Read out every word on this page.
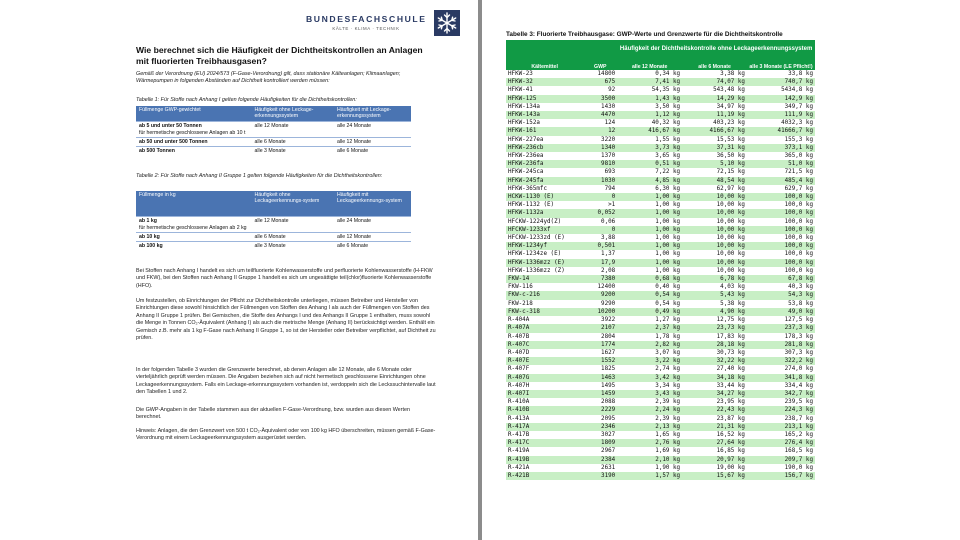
BUNDESFACHSCHULE
KÄLTE · KLIMA · TECHNIK
Wie berechnet sich die Häufigkeit der Dichtheitskontrollen an Anlagen mit fluorierten Treibhausgasen?
Gemäß der Verordnung (EU) 2024/573 (F-Gase-Verordnung) gilt, dass stationäre Kälteanlagen; Klimaanlagen; Wärmepumpen in folgenden Abständen auf Dichtheit kontrolliert werden müssen:
Tabelle 1: Für Stoffe nach Anhang I gelten folgende Häufigkeiten für die Dichtheitskontrollen:
Füllmenge GWP-gewichtet	Häufigkeit ohne Leckage-erkennungssystem	Häufigkeit mit Leckage-erkennungssystem
ab 5 und unter 50 Tonnen	alle 12 Monate	alle 24 Monate
für hermetische geschlossene Anlagen ab 10 t		
ab 50 und unter 500 Tonnen	alle 6 Monate	alle 12 Monate
ab 500 Tonnen	alle 3 Monate	alle 6 Monate
Tabelle 2: Für Stoffe nach Anhang II Gruppe 1 gelten folgende Häufigkeiten für die Dichtheitskontrollen:
Füllmenge in kg	Häufigkeit ohne Leckageerkennungs-system	Häufigkeit mit Leckageerkennungs-system
ab 1 kg	alle 12 Monate	alle 24 Monate
für hermetische geschlossene Anlagen ab 2 kg		
ab 10 kg	alle 6 Monate	alle 12 Monate
ab 100 kg	alle 3 Monate	alle 6 Monate

Bei Stoffen nach Anhang I handelt es sich um teilfluorierte Kohlenwasserstoffe und perfluorierte Kohlenwasserstoffe (H-FKW und FKW), bei den Stoffen nach Anhang II Gruppe 1 handelt es sich um ungesättigte teil(chlor)fluorierte Kohlenwasserstoffe (HFO).

Um festzustellen, ob Einrichtungen der Pflicht zur Dichtheitskontrolle unterliegen, müssen Betreiber und Hersteller von Einrichtungen diese sowohl hinsichtlich der Füllmengen von Stoffen des Anhang I als auch der Füllmengen von Stoffen des Anhang II Gruppe 1 prüfen. Bei Gemischen, die Stoffe des Anhangs I und des Anhangs II Gruppe 1 enthalten, muss sowohl die Menge in Tonnen CO₂-Äquivalent (Anhang I) als auch die metrische Menge (Anhang II) berücksichtigt werden. Enthält ein Gemisch z.B. mehr als 1 kg F-Gase nach Anhang II Gruppe 1, so ist der Hersteller oder Betreiber verpflichtet, auf Dichtheit zu prüfen.

In der folgenden Tabelle 3 wurden die Grenzwerte berechnet, ab denen Anlagen alle 12 Monate, alle 6 Monate oder vierteljährlich geprüft werden müssen. Die Angaben beziehen sich auf nicht hermetisch geschlossene Einrichtungen ohne Leckageerkennungssystem. Falls ein Leckage-erkennungssystem vorhanden ist, verdoppeln sich die Leckssuchintervalle laut den Tabellen 1 und 2.

Die GWP-Angaben in der Tabelle stammen aus der aktuellen F-Gase-Verordnung, bzw. wurden aus diesen Werten berechnet.

Hinweis: Anlagen, die den Grenzwert von 500 t CO₂-Äquivalent oder von 100 kg HFO überschreiten, müssen gemäß F-Gase-Verordnung mit einem Leckageerkennungssystem ausgerüstet werden.

Tabelle 3: Fluorierte Treibhausgase: GWP-Werte und Grenzwerte für die Dichtheitskontrolle
		Häufigkeit der Dichtheitskontrolle ohne Leckageerkennungssystem		
Kältemittel	GWP	alle 12 Monate	alle 6 Monate	alle 3 Monate (LE Pflicht!)
HFKW-23	14800	0,34 kg	3,38 kg	33,8 kg
HFKW-32	675	7,41 kg	74,07 kg	740,7 kg
HFKW-41	92	54,35 kg	543,48 kg	5434,8 kg
HFKW-125	3500	1,43 kg	14,29 kg	142,9 kg
HFKW-134a	1430	3,50 kg	34,97 kg	349,7 kg
HFKW-143a	4470	1,12 kg	11,19 kg	111,9 kg
HFKW-152a	124	40,32 kg	403,23 kg	4032,3 kg
HFKW-161	12	416,67 kg	4166,67 kg	41666,7 kg
HFKW-227ea	3220	1,55 kg	15,53 kg	155,3 kg
HFKW-236cb	1340	3,73 kg	37,31 kg	373,1 kg
HFKW-236ea	1370	3,65 kg	36,50 kg	365,0 kg
HFKW-236fa	9810	0,51 kg	5,10 kg	51,0 kg
HFKW-245ca	693	7,22 kg	72,15 kg	721,5 kg
HFKW-245fa	1030	4,85 kg	48,54 kg	485,4 kg
HFKW-365mfc	794	6,30 kg	62,97 kg	629,7 kg
HCKW-1130 (E)	0	1,00 kg	10,00 kg	100,0 kg
HFKW-1132 (E)	>1	1,00 kg	10,00 kg	100,0 kg
HFKW-1132a	0,052	1,00 kg	10,00 kg	100,0 kg
HFCKW-1224yd(Z)	0,06	1,00 kg	10,00 kg	100,0 kg
HFCKW-1233xf	0	1,00 kg	10,00 kg	100,0 kg
HFCKW-1233zd (E)	3,88	1,00 kg	10,00 kg	100,0 kg
HFKW-1234yf	0,501	1,00 kg	10,00 kg	100,0 kg
HFKW-1234ze (E)	1,37	1,00 kg	10,00 kg	100,0 kg
HFKW-1336mzz (E)	17,9	1,00 kg	10,00 kg	100,0 kg
HFKW-1336mzz (Z)	2,08	1,00 kg	10,00 kg	100,0 kg
FKW-14	7380	0,68 kg	6,78 kg	67,8 kg
FKW-116	12400	0,40 kg	4,03 kg	40,3 kg
FKW-c-216	9200	0,54 kg	5,43 kg	54,3 kg
FKW-218	9290	0,54 kg	5,38 kg	53,8 kg
FKW-c-318	10200	0,49 kg	4,90 kg	49,0 kg
R-404A	3922	1,27 kg	12,75 kg	127,5 kg
R-407A	2107	2,37 kg	23,73 kg	237,3 kg
R-407B	2804	1,78 kg	17,83 kg	178,3 kg
R-407C	1774	2,82 kg	28,18 kg	281,8 kg
R-407D	1627	3,07 kg	30,73 kg	307,3 kg
R-407E	1552	3,22 kg	32,22 kg	322,2 kg
R-407F	1825	2,74 kg	27,40 kg	274,0 kg
R-407G	1463	3,42 kg	34,18 kg	341,8 kg
R-407H	1495	3,34 kg	33,44 kg	334,4 kg
R-407I	1459	3,43 kg	34,27 kg	342,7 kg
R-410A	2088	2,39 kg	23,95 kg	239,5 kg
R-410B	2229	2,24 kg	22,43 kg	224,3 kg
R-413A	2095	2,39 kg	23,87 kg	238,7 kg
R-417A	2346	2,13 kg	21,31 kg	213,1 kg
R-417B	3027	1,65 kg	16,52 kg	165,2 kg
R-417C	1809	2,76 kg	27,64 kg	276,4 kg
R-419A	2967	1,69 kg	16,85 kg	168,5 kg
R-419B	2384	2,10 kg	20,97 kg	209,7 kg
R-421A	2631	1,90 kg	19,00 kg	190,0 kg
R-421B	3190	1,57 kg	15,67 kg	156,7 kg
